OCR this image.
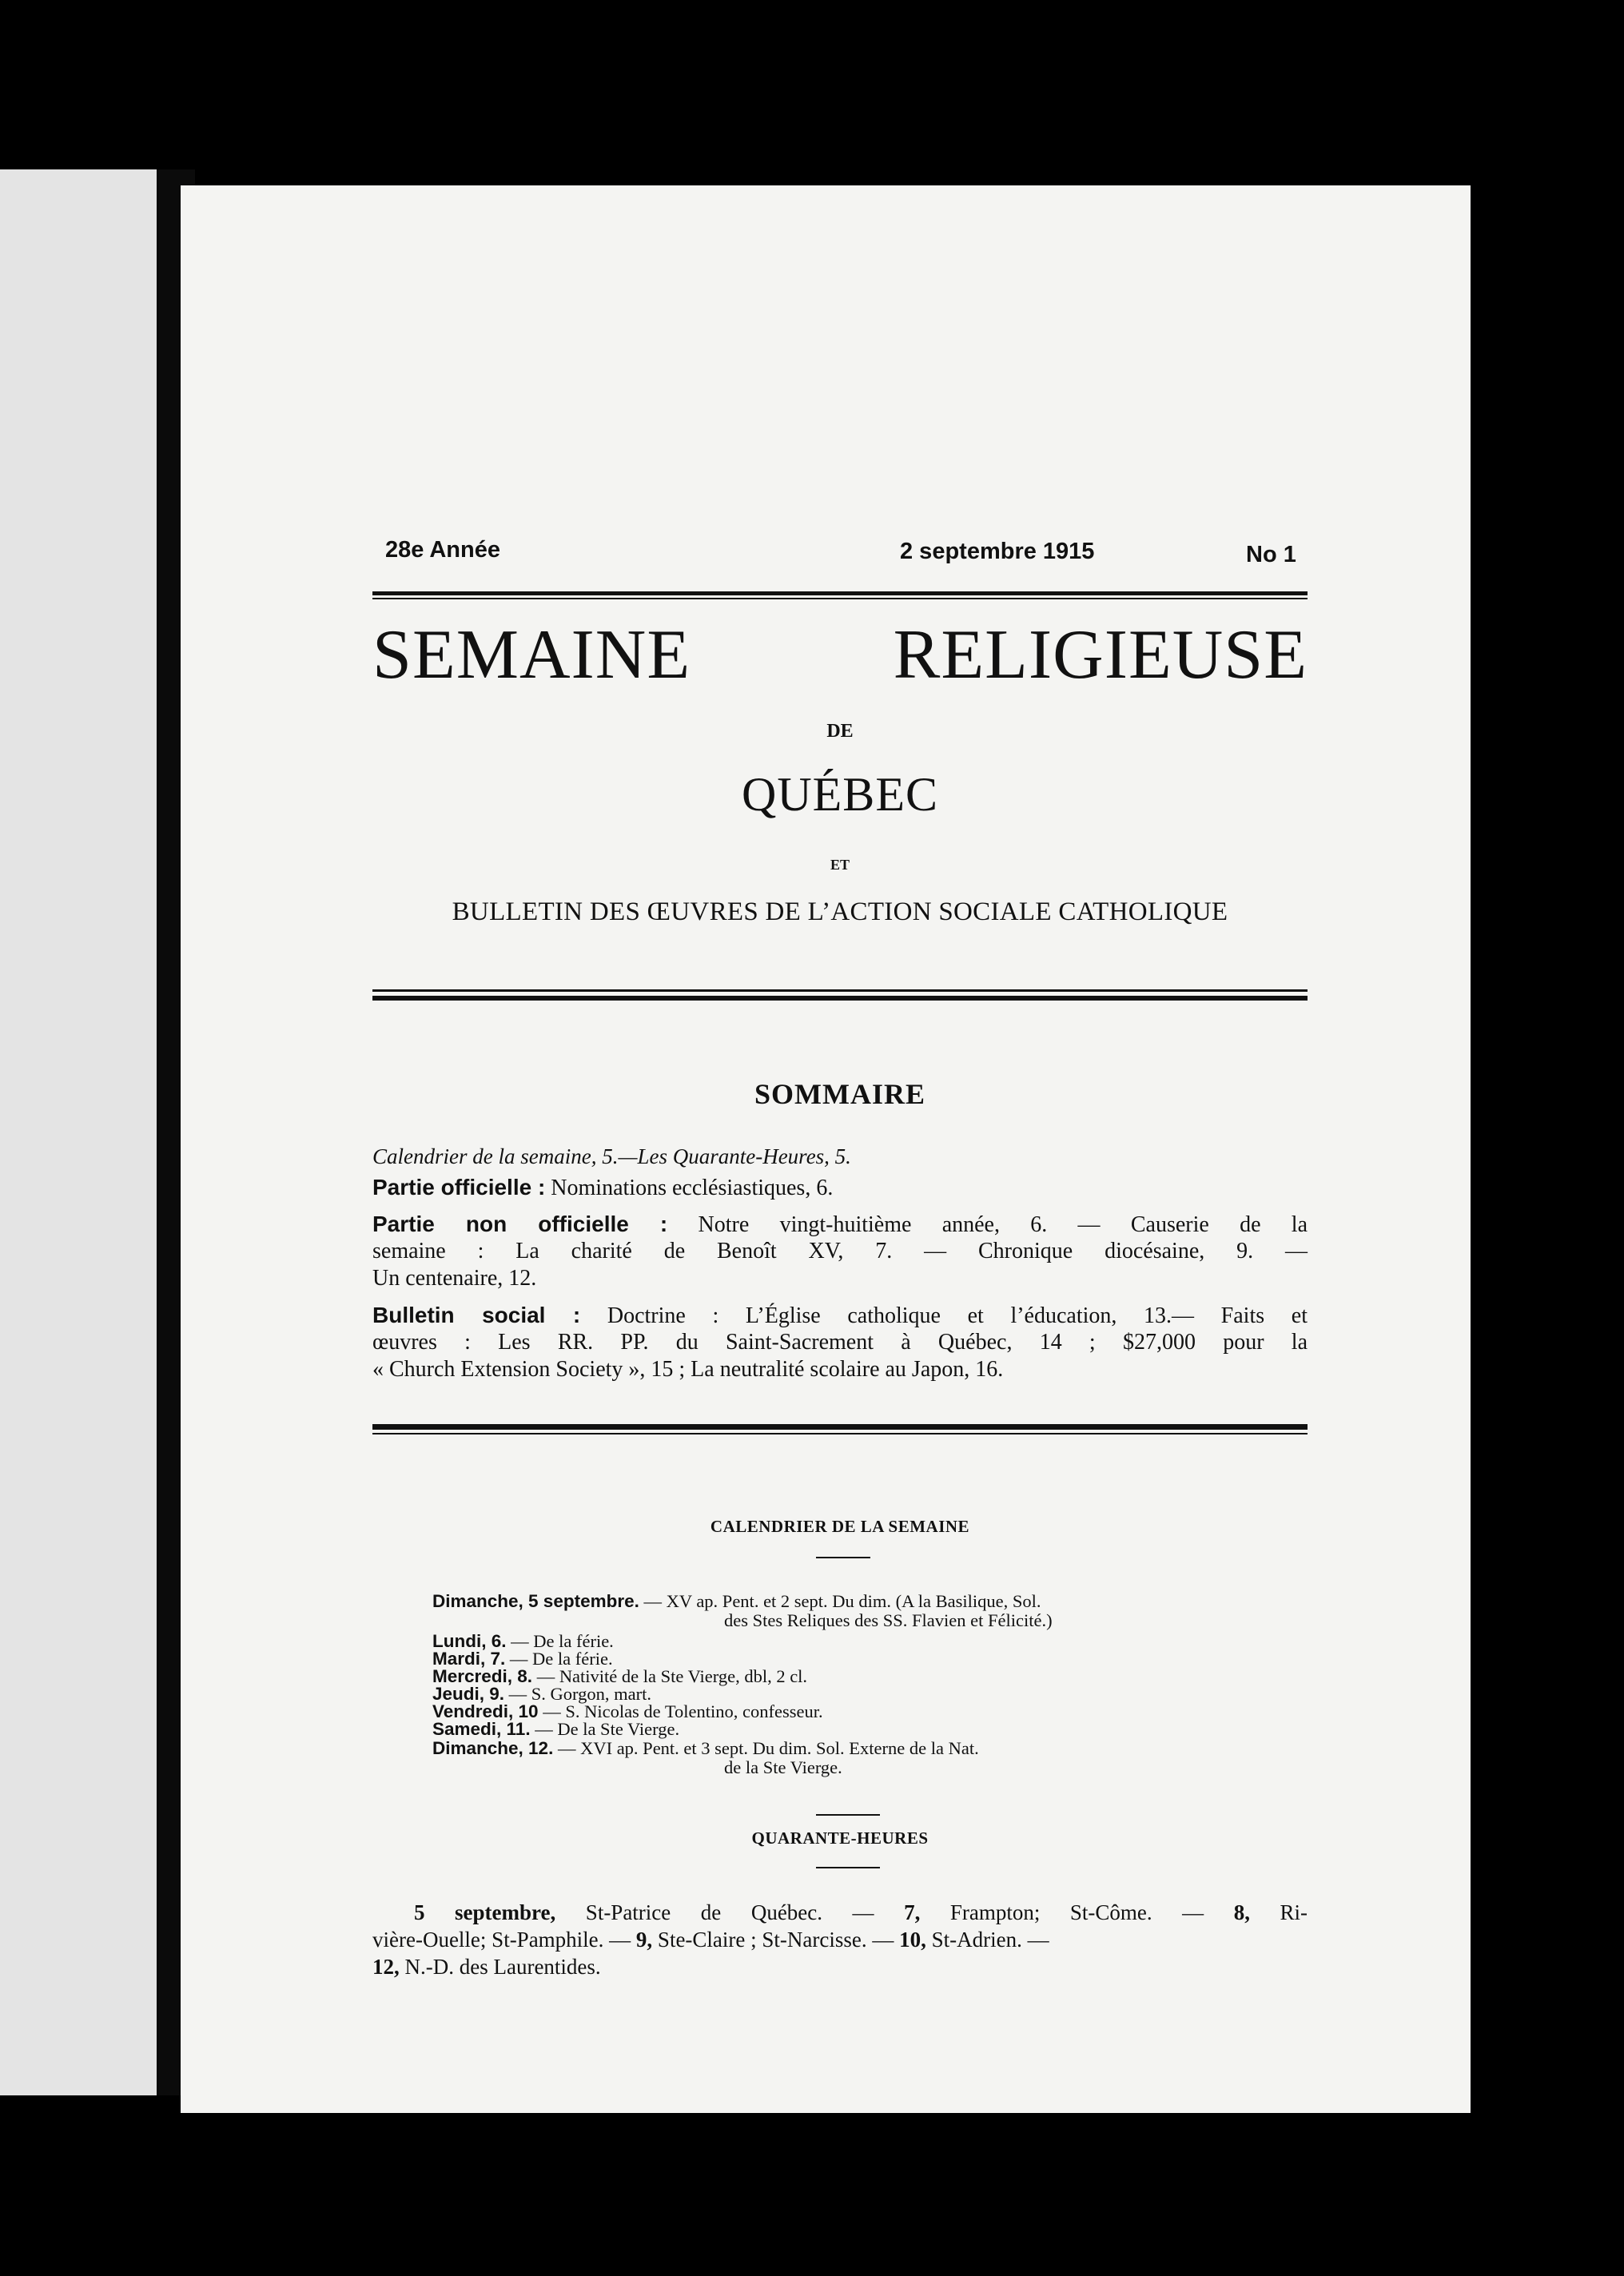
28e Année	2 septembre 1915	No 1
SEMAINE RELIGIEUSE
DE
QUÉBEC
ET
BULLETIN DES ŒUVRES DE L’ACTION SOCIALE CATHOLIQUE
SOMMAIRE
Calendrier de la semaine, 5.—Les Quarante-Heures, 5.
Partie officielle : Nominations ecclésiastiques, 6.
Partie non officielle : Notre vingt-huitième année, 6. — Causerie de la
semaine : La charité de Benoît XV, 7. — Chronique diocésaine, 9. —
Un centenaire, 12.
Bulletin social : Doctrine : L’Église catholique et l’éducation, 13.— Faits et
œuvres : Les RR. PP. du Saint-Sacrement à Québec, 14 ; $27,000 pour la
« Church Extension Society », 15 ; La neutralité scolaire au Japon, 16.
CALENDRIER DE LA SEMAINE
Dimanche, 5 septembre. — XV ap. Pent. et 2 sept. Du dim. (A la Basilique, Sol.
des Stes Reliques des SS. Flavien et Félicité.)
Lundi, 6. — De la férie.
Mardi, 7. — De la férie.
Mercredi, 8. — Nativité de la Ste Vierge, dbl, 2 cl.
Jeudi, 9. — S. Gorgon, mart.
Vendredi, 10 — S. Nicolas de Tolentino, confesseur.
Samedi, 11. — De la Ste Vierge.
Dimanche, 12. — XVI ap. Pent. et 3 sept. Du dim. Sol. Externe de la Nat.
de la Ste Vierge.
QUARANTE-HEURES
5 septembre, St-Patrice de Québec. — 7, Frampton; St-Côme. — 8, Ri-
vière-Ouelle; St-Pamphile. — 9, Ste-Claire ; St-Narcisse. — 10, St-Adrien. —
12, N.-D. des Laurentides.
